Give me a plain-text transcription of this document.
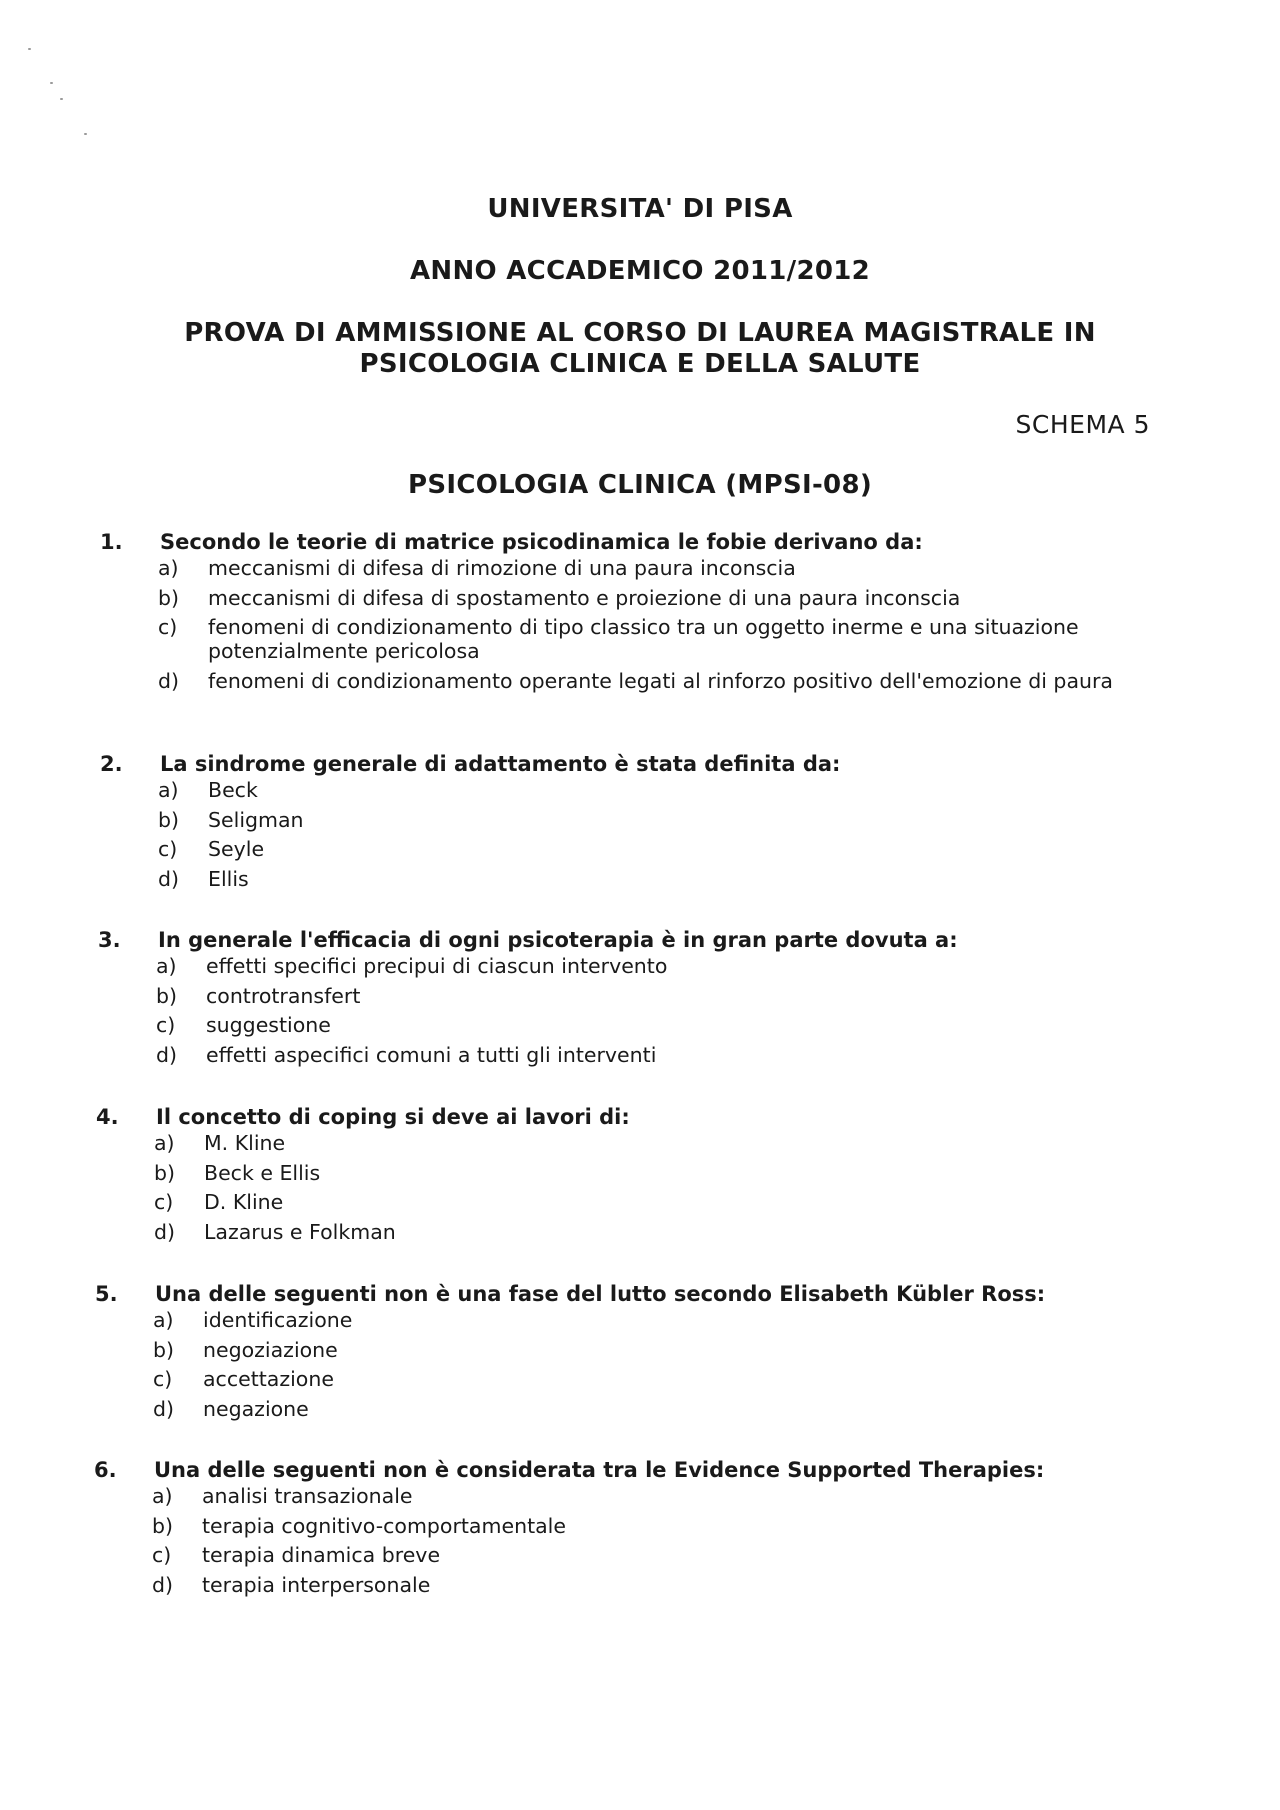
UNIVERSITA' DI PISA
ANNO ACCADEMICO 2011/2012
PROVA DI AMMISSIONE AL CORSO DI LAUREA MAGISTRALE IN
PSICOLOGIA CLINICA E DELLA SALUTE
SCHEMA 5
PSICOLOGIA CLINICA (MPSI-08)
1. Secondo le teorie di matrice psicodinamica le fobie derivano da:
a) meccanismi di difesa di rimozione di una paura inconscia
b) meccanismi di difesa di spostamento e proiezione di una paura inconscia
c) fenomeni di condizionamento di tipo classico tra un oggetto inerme e una situazione potenzialmente pericolosa
d) fenomeni di condizionamento operante legati al rinforzo positivo dell'emozione di paura
2. La sindrome generale di adattamento è stata definita da:
a) Beck
b) Seligman
c) Seyle
d) Ellis
3. In generale l'efficacia di ogni psicoterapia è in gran parte dovuta a:
a) effetti specifici precipui di ciascun intervento
b) controtransfert
c) suggestione
d) effetti aspecifici comuni a tutti gli interventi
4. Il concetto di coping si deve ai lavori di:
a) M. Kline
b) Beck e Ellis
c) D. Kline
d) Lazarus e Folkman
5. Una delle seguenti non è una fase del lutto secondo Elisabeth Kübler Ross:
a) identificazione
b) negoziazione
c) accettazione
d) negazione
6. Una delle seguenti non è considerata tra le Evidence Supported Therapies:
a) analisi transazionale
b) terapia cognitivo-comportamentale
c) terapia dinamica breve
d) terapia interpersonale
